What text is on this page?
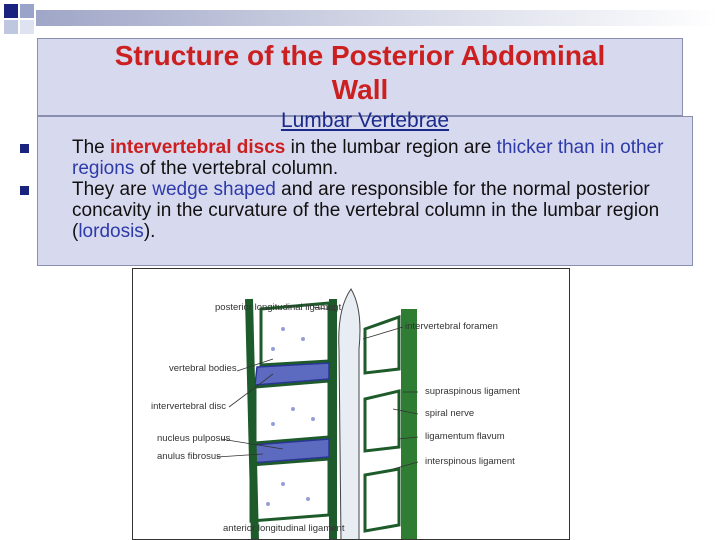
Structure of the Posterior Abdominal
Wall
Lumbar Vertebrae
The intervertebral discs in the lumbar region are thicker than in other regions of the vertebral column.
They are wedge shaped and are responsible for the normal posterior concavity in the curvature of the vertebral column in the lumbar region (lordosis).
posterior longitudinal ligament
intervertebral foramen
vertebral bodies
supraspinous ligament
intervertebral disc
spiral nerve
nucleus pulposus	ligamentum flavum
anulus fibrosus	interspinous ligament
anterior longitudinal ligament
